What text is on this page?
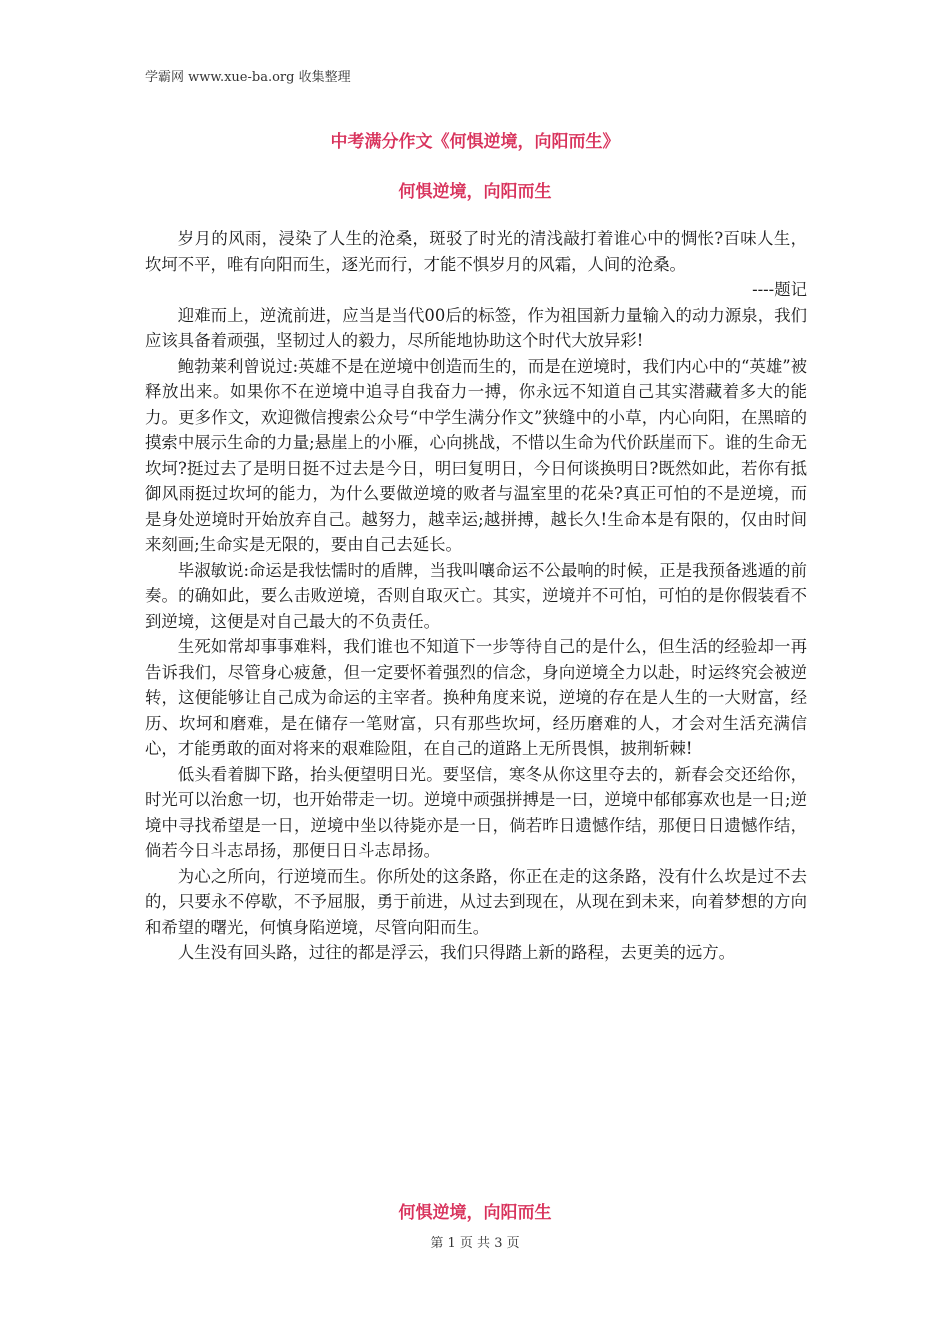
学霸网 www.xue-ba.org 收集整理
中考满分作文《何惧逆境，向阳而生》
何惧逆境，向阳而生

岁月的风雨，浸染了人生的沧桑，斑驳了时光的清浅敲打着谁心中的惆怅?百味人生，坎坷不平，唯有向阳而生，逐光而行，才能不惧岁月的风霜，人间的沧桑。

----题记

迎难而上，逆流前进，应当是当代00后的标签，作为祖国新力量输入的动力源泉，我们应该具备着顽强，坚韧过人的毅力，尽所能地协助这个时代大放异彩!

鲍勃莱利曾说过:英雄不是在逆境中创造而生的，而是在逆境时，我们内心中的“英雄”被释放出来。如果你不在逆境中追寻自我奋力一搏，你永远不知道自己其实潜藏着多大的能力。更多作文，欢迎微信搜索公众号“中学生满分作文”狭缝中的小草，内心向阳，在黑暗的摸索中展示生命的力量;悬崖上的小雁，心向挑战，不惜以生命为代价跃崖而下。谁的生命无坎坷?挺过去了是明日挺不过去是今日，明曰复明日，今日何谈换明日?既然如此，若你有抵御风雨挺过坎坷的能力，为什么要做逆境的败者与温室里的花朵?真正可怕的不是逆境，而是身处逆境时开始放弃自己。越努力，越幸运;越拼搏，越长久!生命本是有限的，仅由时间来刻画;生命实是无限的，要由自己去延长。

毕淑敏说:命运是我怯懦时的盾牌，当我叫嚷命运不公最响的时候，正是我预备逃遁的前奏。的确如此，要么击败逆境，否则自取灭亡。其实，逆境并不可怕，可怕的是你假装看不到逆境，这便是对自己最大的不负责任。

生死如常却事事难料，我们谁也不知道下一步等待自己的是什么，但生活的经验却一再告诉我们，尽管身心疲惫，但一定要怀着强烈的信念，身向逆境全力以赴，时运终究会被逆转，这便能够让自己成为命运的主宰者。换种角度来说，逆境的存在是人生的一大财富，经历、坎坷和磨难，是在储存一笔财富，只有那些坎坷，经历磨难的人，才会对生活充满信心，才能勇敢的面对将来的艰难险阻，在自己的道路上无所畏惧，披荆斩棘!

低头看着脚下路，抬头便望明日光。要坚信，寒冬从你这里夺去的，新春会交还给你，时光可以治愈一切，也开始带走一切。逆境中顽强拼搏是一曰，逆境中郁郁寡欢也是一日;逆境中寻找希望是一日，逆境中坐以待毙亦是一日，倘若昨日遗憾作结，那便日日遗憾作结，倘若今日斗志昂扬，那便日日斗志昂扬。

为心之所向，行逆境而生。你所处的这条路，你正在走的这条路，没有什么坎是过不去的，只要永不停歇，不予屈服，勇于前进，从过去到现在，从现在到未来，向着梦想的方向和希望的曙光，何慎身陷逆境，尽管向阳而生。

人生没有回头路，过往的都是浮云，我们只得踏上新的路程，去更美的远方。

何惧逆境，向阳而生
第 1 页 共 3 页
